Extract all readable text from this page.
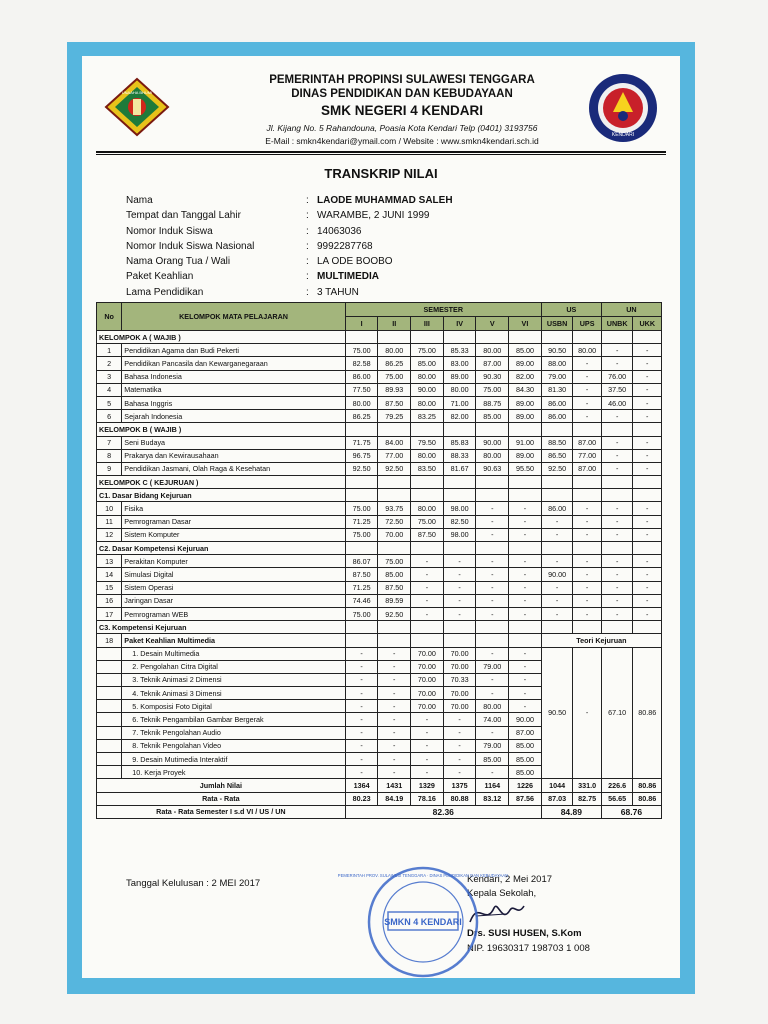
UNAAHA BHUMI
KENDARI
PEMERINTAH PROPINSI SULAWESI TENGGARA
DINAS PENDIDIKAN DAN KEBUDAYAAN
SMK NEGERI 4 KENDARI
Jl. Kijang No. 5 Rahandouna, Poasia Kota Kendari Telp (0401) 3193756
E-Mail : smkn4kendari@ymail.com / Website : www.smkn4kendari.sch.id
TRANSKRIP NILAI
Nama	: LAODE MUHAMMAD SALEH
Tempat dan Tanggal Lahir	: WARAMBE, 2 JUNI 1999
Nomor Induk Siswa	: 14063036
Nomor Induk Siswa Nasional	: 9992287768
Nama Orang Tua / Wali	: LA ODE BOOBO
Paket Keahlian	: MULTIMEDIA
Lama Pendidikan	: 3 TAHUN
No	KELOMPOK MATA PELAJARAN	SEMESTER	US	UN
I	II	III	IV	V	VI	USBN	UPS	UNBK	UKK
KELOMPOK A ( WAJIB )										
1	Pendidikan Agama dan Budi Pekerti	75.00	80.00	75.00	85.33	80.00	85.00	90.50	80.00	-	-
2	Pendidikan Pancasila dan Kewarganegaraan	82.58	86.25	85.00	83.00	87.00	89.00	88.00	-	-	-
3	Bahasa Indonesia	86.00	75.00	80.00	89.00	90.30	82.00	79.00	-	76.00	-
4	Matematika	77.50	89.93	90.00	80.00	75.00	84.30	81.30	-	37.50	-
5	Bahasa Inggris	80.00	87.50	80.00	71.00	88.75	89.00	86.00	-	46.00	-
6	Sejarah Indonesia	86.25	79.25	83.25	82.00	85.00	89.00	86.00	-	-	-
KELOMPOK B ( WAJIB )										
7	Seni Budaya	71.75	84.00	79.50	85.83	90.00	91.00	88.50	87.00	-	-
8	Prakarya dan Kewirausahaan	96.75	77.00	80.00	88.33	80.00	89.00	86.50	77.00	-	-
9	Pendidikan Jasmani, Olah Raga & Kesehatan	92.50	92.50	83.50	81.67	90.63	95.50	92.50	87.00	-	-
KELOMPOK C ( KEJURUAN )										
C1. Dasar Bidang Kejuruan										
10	Fisika	75.00	93.75	80.00	98.00	-	-	86.00	-	-	-
11	Pemrograman Dasar	71.25	72.50	75.00	82.50	-	-	-	-	-	-
12	Sistem Komputer	75.00	70.00	87.50	98.00	-	-	-	-	-	-
C2. Dasar Kompetensi Kejuruan										
13	Perakitan Komputer	86.07	75.00	-	-	-	-	-	-	-	-
14	Simulasi Digital	87.50	85.00	-	-	-	-	90.00	-	-	-
15	Sistem Operasi	71.25	87.50	-	-	-	-	-	-	-	-
16	Jaringan Dasar	74.46	89.59	-	-	-	-	-	-	-	-
17	Pemrograman WEB	75.00	92.50	-	-	-	-	-	-	-	-
C3. Kompetensi Kejuruan										
18	Paket Keahlian Multimedia							Teori Kejuruan
	1. Desain Multimedia	-	-	70.00	70.00	-	-	90.50	-	67.10	80.86
	2. Pengolahan Citra Digital	-	-	70.00	70.00	79.00	-
	3. Teknik Animasi 2 Dimensi	-	-	70.00	70.33	-	-
	4. Teknik Animasi 3 Dimensi	-	-	70.00	70.00	-	-
	5. Komposisi Foto Digital	-	-	70.00	70.00	80.00	-
	6. Teknik Pengambilan Gambar Bergerak	-	-	-	-	74.00	90.00
	7. Teknik Pengolahan Audio	-	-	-	-	-	87.00
	8. Teknik Pengolahan Video	-	-	-	-	79.00	85.00
	9. Desain Mutimedia Interaktif	-	-	-	-	85.00	85.00
	10. Kerja Proyek	-	-	-	-	-	85.00
Jumlah Nilai	1364	1431	1329	1375	1164	1226	1044	331.0	226.6	80.86
Rata - Rata	80.23	84.19	78.16	80.88	83.12	87.56	87.03	82.75	56.65	80.86
Rata - Rata Semester I s.d VI / US / UN	82.36	84.89	68.76
Tanggal Kelulusan : 2 MEI 2017	Kendari, 2 Mei 2017
Kepala Sekolah,
Drs. SUSI HUSEN, S.Kom
NIP. 19630317 198703 1 008
SMKN 4 KENDARI
PEMERINTAH PROV. SULAWESI TENGGARA · DINAS PENDIDIKAN DAN KEBUDAYAAN
